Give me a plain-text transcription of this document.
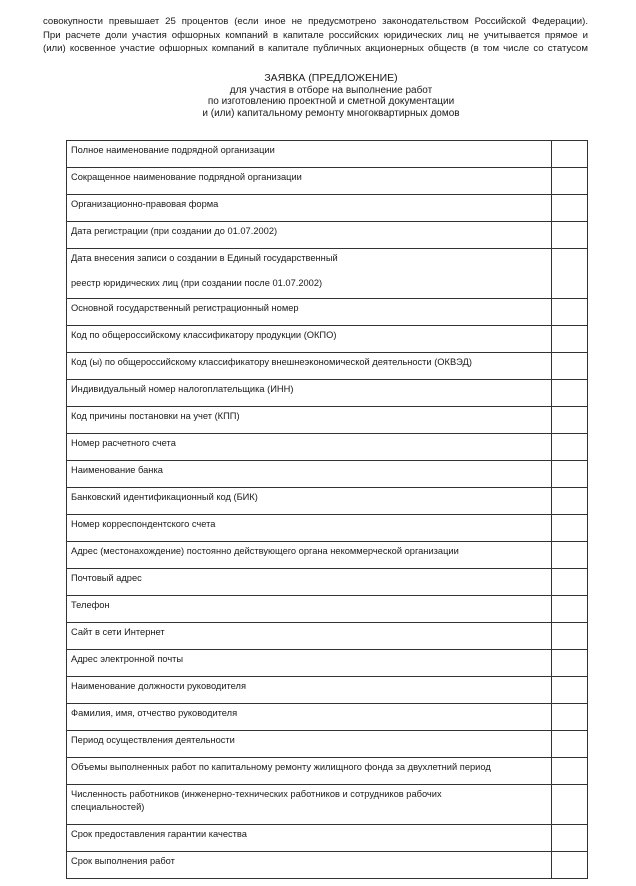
совокупности превышает 25 процентов (если иное не предусмотрено законодательством Российской Федерации).
При расчете доли участия офшорных компаний в капитале российских юридических лиц не учитывается прямое и
(или) косвенное участие офшорных компаний в капитале публичных акционерных обществ (в том числе со статусом
ЗАЯВКА (ПРЕДЛОЖЕНИЕ)
для участия в отборе на выполнение работ
по изготовлению проектной и сметной документации
и (или) капитальному ремонту многоквартирных домов
Полное наименование подрядной организации	

Сокращенное наименование подрядной организации	

Организационно-правовая форма	

Дата регистрации (при создании до 01.07.2002)	

Дата внесения записи о создании в Единый государственный
реестр юридических лиц (при создании после 01.07.2002)	

Основной государственный регистрационный номер	

Код по общероссийскому классификатору продукции (ОКПО)	

Код (ы) по общероссийскому классификатору внешнеэкономической деятельности (ОКВЭД)	

Индивидуальный номер налогоплательщика (ИНН)	

Код причины постановки на учет (КПП)	

Номер расчетного счета	

Наименование банка	

Банковский идентификационный код (БИК)	

Номер корреспондентского счета	

Адрес (местонахождение) постоянно действующего органа некоммерческой организации	

Почтовый адрес	

Телефон	

Сайт в сети Интернет	

Адрес электронной почты	

Наименование должности руководителя	

Фамилия, имя, отчество руководителя	

Период осуществления деятельности	

Объемы выполненных работ по капитальному ремонту жилищного фонда за двухлетний период	

Численность работников (инженерно-технических работников и сотрудников рабочих
специальностей)	

Срок предоставления гарантии качества	

Срок выполнения работ	
